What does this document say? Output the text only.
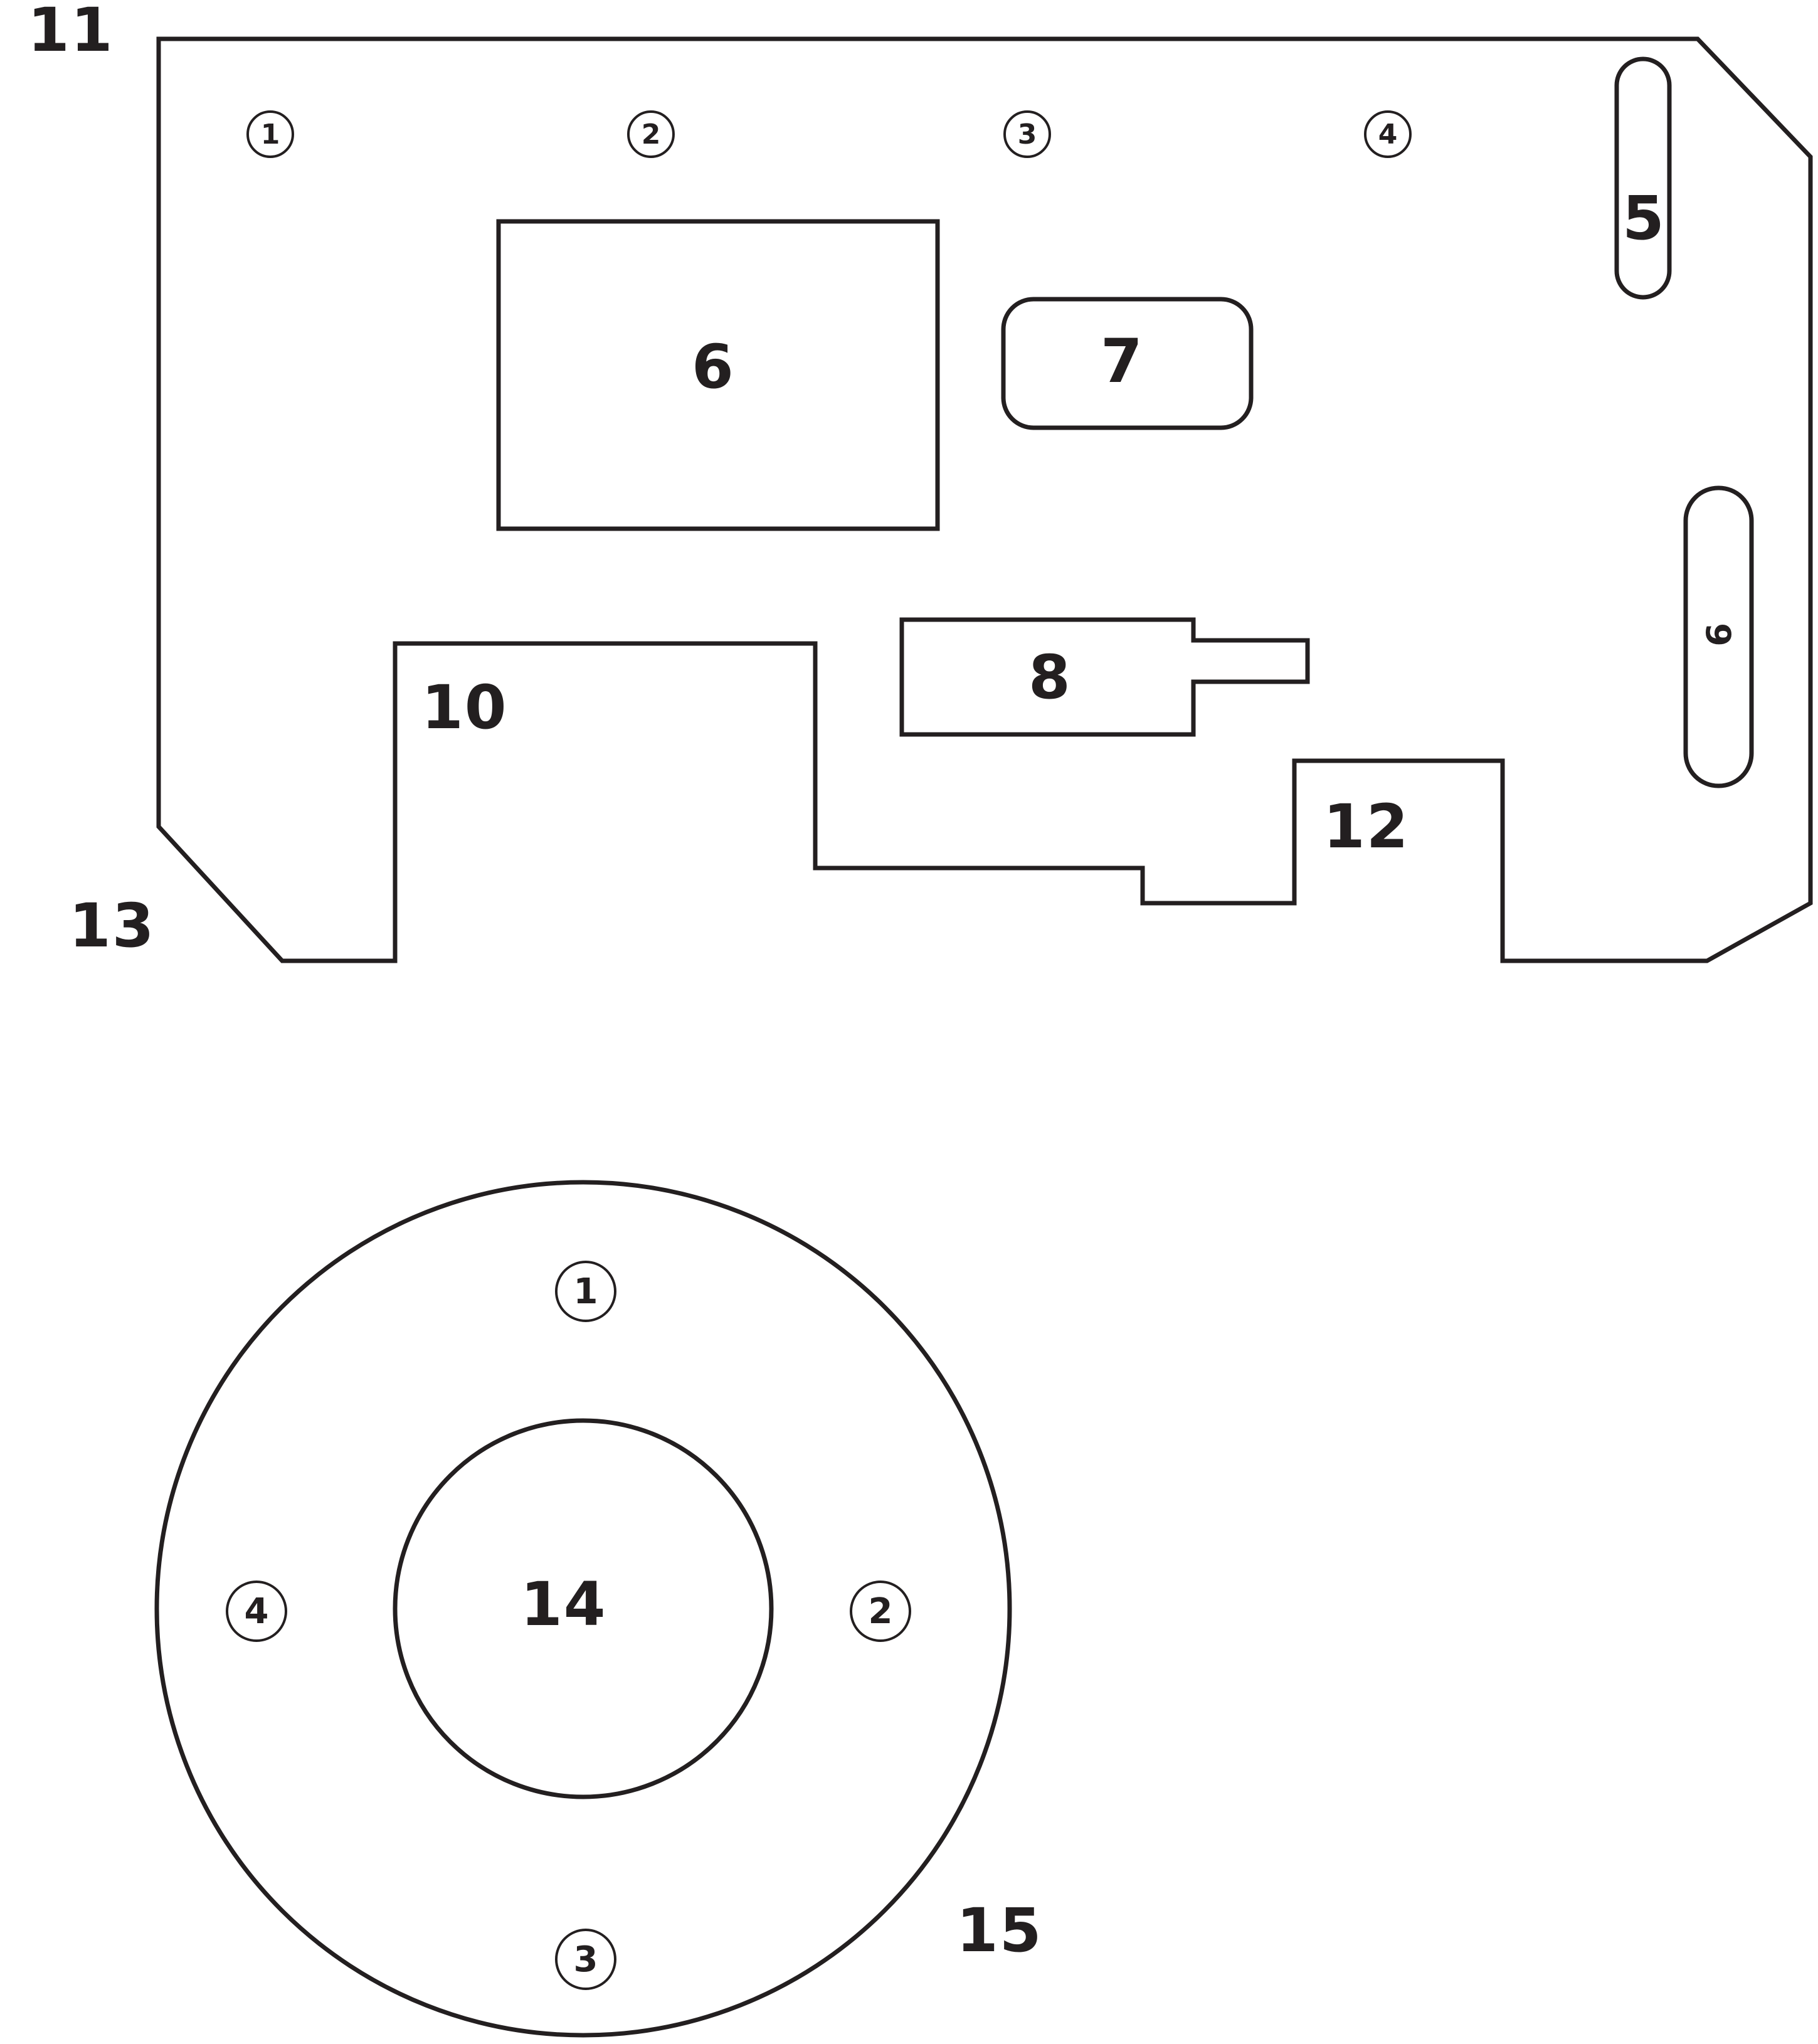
11
13
1	2	3	4
5
6	7
8
9
10
12
1
2
3
4	14
15
